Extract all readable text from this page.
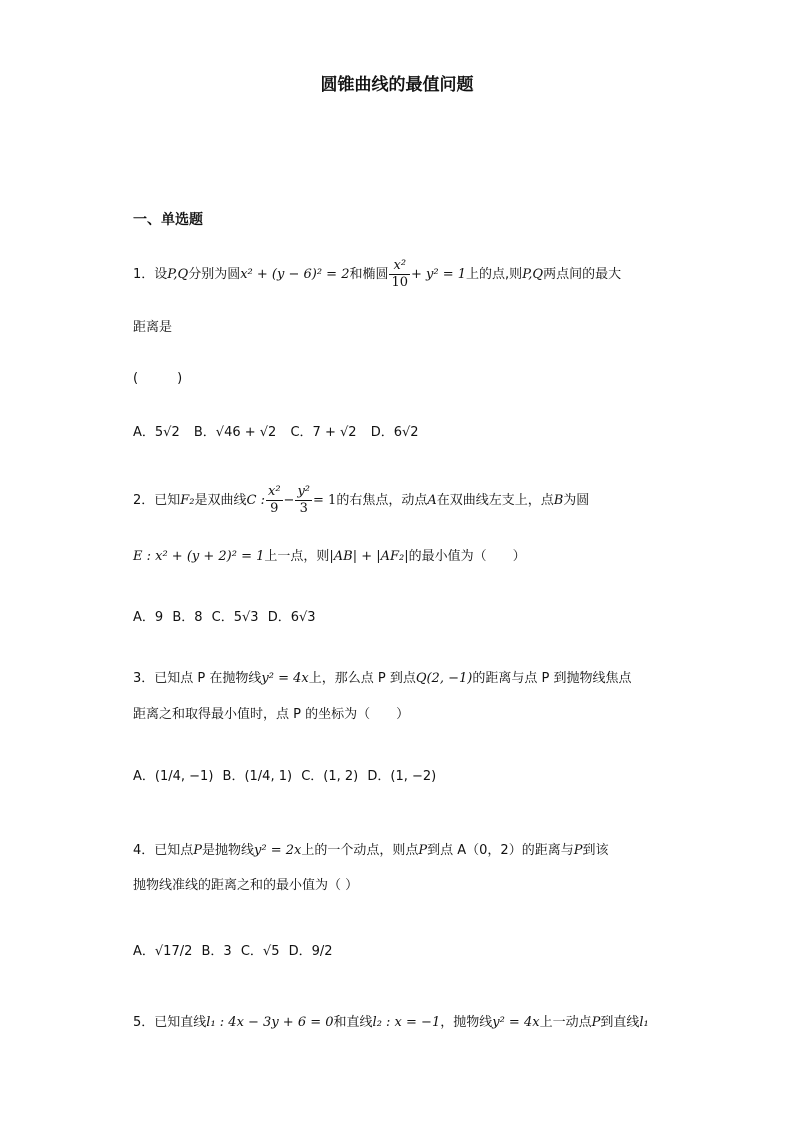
圆锥曲线的最值问题
一、单选题
1．设P,Q分别为圆x² + (y − 6)² = 2和椭圆 $\frac{\text{x²}}{10} + y^2 = 1$上的点,则P,Q两点间的最大
距离是
(　　　)
A．5√2 B．√46 + √2 C．7 + √2 D．6√2
2．已知F₂是双曲线C : $\frac{\text{x²}}{9} - \frac{\text{y²}}{3} = 1$的右焦点，动点A在双曲线左支上，点B为圆
E : x² + (y + 2)² = 1上一点，则|AB| + |AF₂|的最小值为（　　）
A．9 B．8 C．5√3 D．6√3
3．已知点 P 在抛物线y² = 4x上，那么点 P 到点Q(2, −1)的距离与点 P 到抛物线焦点
距离之和取得最小值时，点 P 的坐标为（　　）
A．(1/4, −1) B．(1/4, 1) C．(1, 2) D．(1, −2)
4．已知点P是抛物线y² = 2x上的一个动点，则点P到点 A（0，2）的距离与P到该
抛物线准线的距离之和的最小值为（ ）
A．√17/2 B．3 C．√5 D．9/2
5．已知直线l₁ : 4x − 3y + 6 = 0和直线l₂ : x = −1，抛物线y² = 4x上一动点P到直线l₁
